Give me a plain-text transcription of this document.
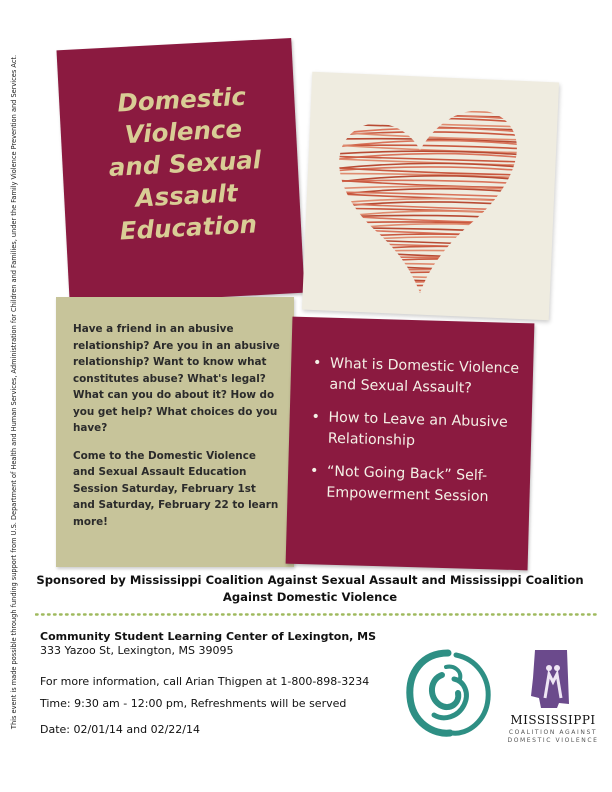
This event is made possible through funding support from U.S. Department of Health and Human Services, Administration for Children and Families, under the Family Violence Prevention and Services Act.	Domestic
Violence
and Sexual
Assault
Education

Have a friend in an abusive relationship? Are you in an abusive relationship? Want to know what constitutes abuse? What's legal? What can you do about it? How do you get help? What choices do you have?

Come to the Domestic Violence and Sexual Assault Education Session Saturday, February 1st and Saturday, February 22 to learn more!

• What is Domestic Violence and Sexual Assault?
• How to Leave an Abusive Relationship
• “Not Going Back” Self-Empowerment Session
Sponsored by Mississippi Coalition Against Sexual Assault and Mississippi Coalition Against Domestic Violence
Community Student Learning Center of Lexington, MS
333 Yazoo St, Lexington, MS 39095
For more information, call Arian Thigpen at 1-800-898-3234
Time: 9:30 am - 12:00 pm, Refreshments will be served
Date: 02/01/14 and 02/22/14
MISSISSIPPI
COALITION AGAINST
DOMESTIC VIOLENCE
